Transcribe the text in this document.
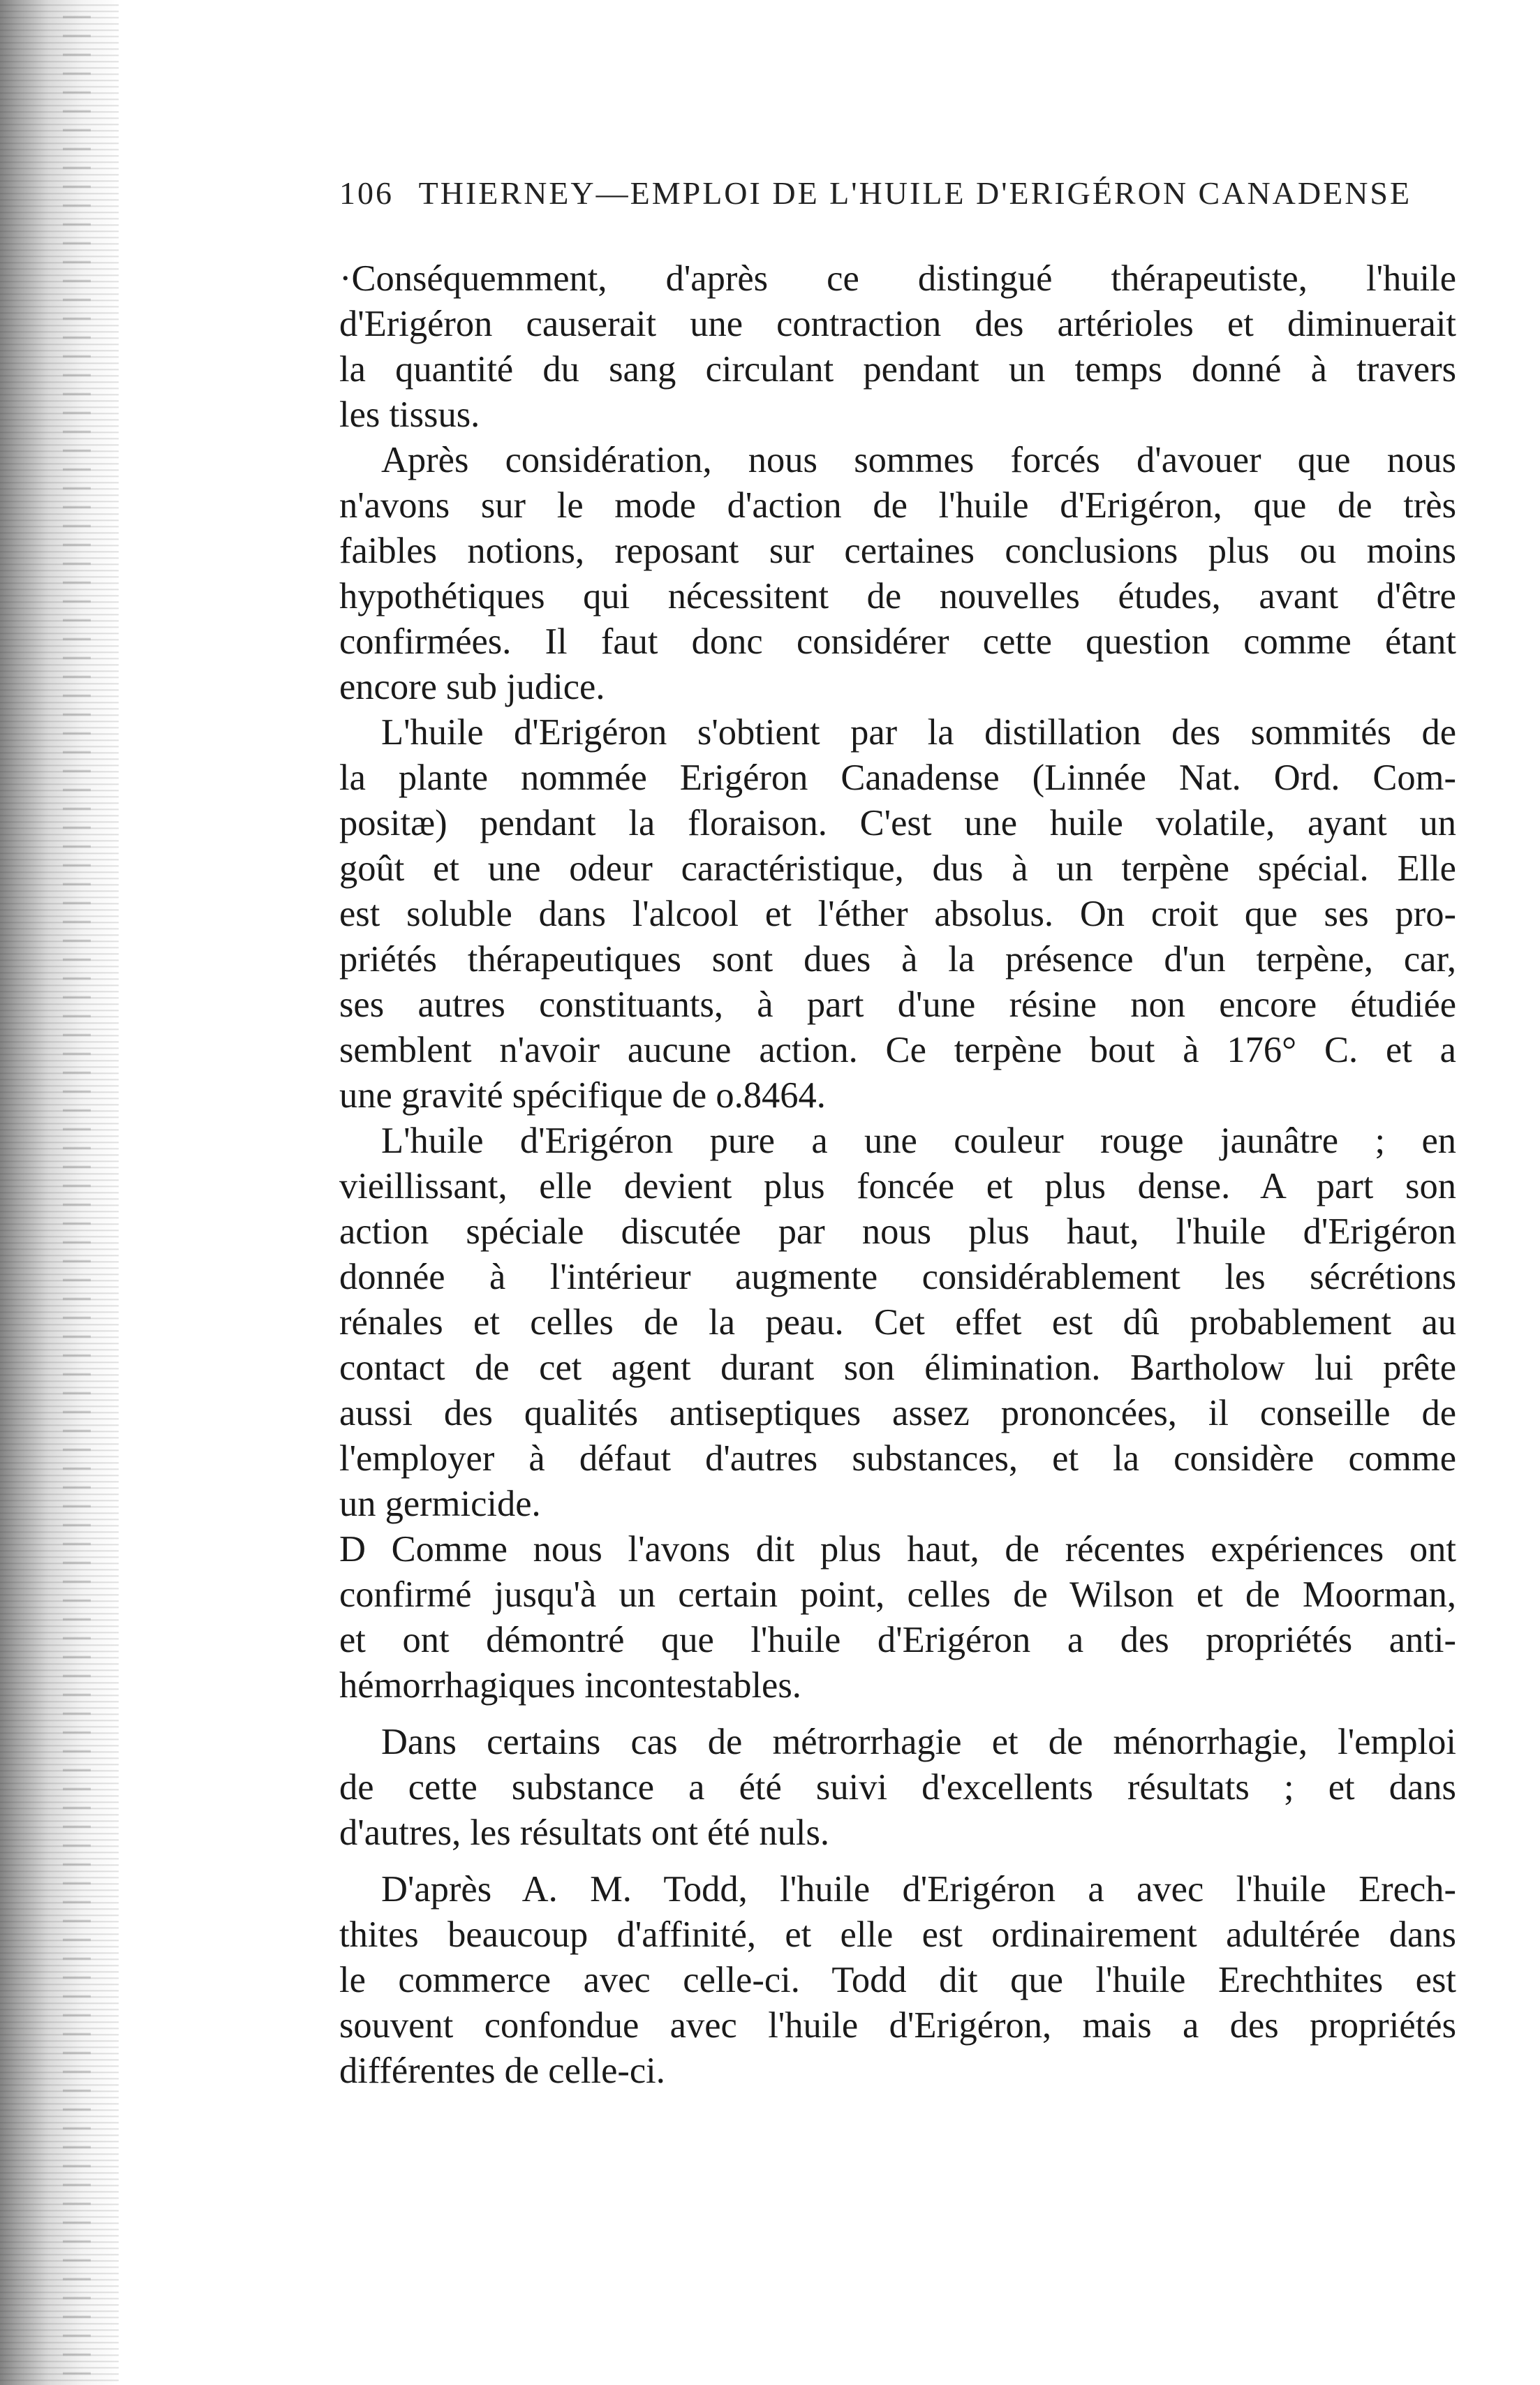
106 THIERNEY—EMPLOI DE L'HUILE D'ERIGÉRON CANADENSE
·Conséquemment, d'après ce distingué thérapeutiste, l'huile
d'Erigéron causerait une contraction des artérioles et diminuerait
la quantité du sang circulant pendant un temps donné à travers
les tissus.
Après considération, nous sommes forcés d'avouer que nous
n'avons sur le mode d'action de l'huile d'Erigéron, que de très
faibles notions, reposant sur certaines conclusions plus ou moins
hypothétiques qui nécessitent de nouvelles études, avant d'être
confirmées. Il faut donc considérer cette question comme étant
encore sub judice.
L'huile d'Erigéron s'obtient par la distillation des sommités de
la plante nommée Erigéron Canadense (Linnée Nat. Ord. Com-
positæ) pendant la floraison. C'est une huile volatile, ayant un
goût et une odeur caractéristique, dus à un terpène spécial. Elle
est soluble dans l'alcool et l'éther absolus. On croit que ses pro-
priétés thérapeutiques sont dues à la présence d'un terpène, car,
ses autres constituants, à part d'une résine non encore étudiée
semblent n'avoir aucune action. Ce terpène bout à 176° C. et a
une gravité spécifique de o.8464.
L'huile d'Erigéron pure a une couleur rouge jaunâtre ; en
vieillissant, elle devient plus foncée et plus dense. A part son
action spéciale discutée par nous plus haut, l'huile d'Erigéron
donnée à l'intérieur augmente considérablement les sécrétions
rénales et celles de la peau. Cet effet est dû probablement au
contact de cet agent durant son élimination. Bartholow lui prête
aussi des qualités antiseptiques assez prononcées, il conseille de
l'employer à défaut d'autres substances, et la considère comme
un germicide.
D Comme nous l'avons dit plus haut, de récentes expériences ont
confirmé jusqu'à un certain point, celles de Wilson et de Moorman,
et ont démontré que l'huile d'Erigéron a des propriétés anti-
hémorrhagiques incontestables.
Dans certains cas de métrorrhagie et de ménorrhagie, l'emploi
de cette substance a été suivi d'excellents résultats ; et dans
d'autres, les résultats ont été nuls.
D'après A. M. Todd, l'huile d'Erigéron a avec l'huile Erech-
thites beaucoup d'affinité, et elle est ordinairement adultérée dans
le commerce avec celle-ci. Todd dit que l'huile Erechthites est
souvent confondue avec l'huile d'Erigéron, mais a des propriétés
différentes de celle-ci.
